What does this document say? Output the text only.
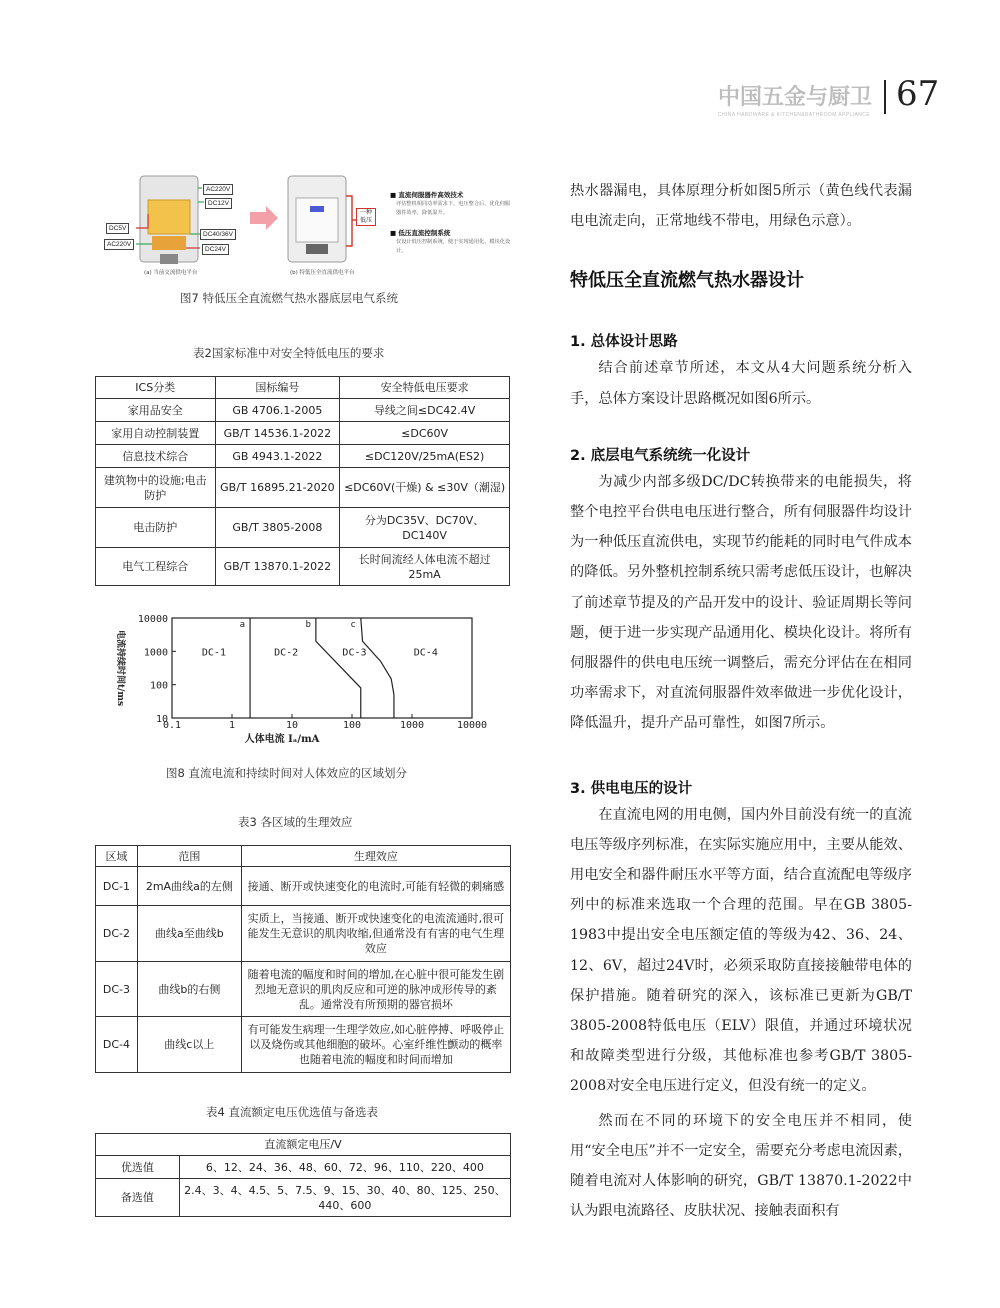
中国五金与厨卫
CHINA HARDWARE & KITCHEN&BATHROOM APPLIANCE
67
AC220V
DC12V
DC5V
AC220V
DC40/36V
DC24V
一种低压
(a) 当前交流供电平台	(b) 特低压全直流供电平台
■ 直流伺服器件高效技术
评估整机相同功率需求下，电压整合后，优化伺服器件效率，降低温升。
■ 低压直流控制系统
仅设计低压控制系统，便于实现通用化、模块化设计。
图7 特低压全直流燃气热水器底层电气系统
表2国家标准中对安全特低电压的要求
ICS分类	国标编号	安全特低电压要求
家用品安全	GB 4706.1-2005	导线之间≤DC42.4V
家用自动控制装置	GB/T 14536.1-2022	≤DC60V
信息技术综合	GB 4943.1-2022	≤DC120V/25mA(ES2)
建筑物中的设施;电击防护	GB/T 16895.21-2020	≤DC60V(干燥) & ≤30V（潮湿)
电击防护	GB/T 3805-2008	分为DC35V、DC70V、DC140V
电气工程综合	GB/T 13870.1-2022	长时间流经人体电流不超过25mA
0.1	1	10	100	1000	10000
10
100
1000
10000	a	b	c
DC-1	DC-2	DC-3	DC-4
人体电流 Iₐ/mA
电流持续时间t/ms
图8 直流电流和持续时间对人体效应的区域划分
表3 各区域的生理效应
区域	范围	生理效应
DC-1	2mA曲线a的左侧	接通、断开或快速变化的电流时,可能有轻微的刺痛感
DC-2	曲线a至曲线b	实质上，当接通、断开或快速变化的电流流通时,很可能发生无意识的肌肉收缩,但通常没有有害的电气生理效应
DC-3	曲线b的右侧	随着电流的幅度和时间的增加,在心脏中很可能发生剧烈地无意识的肌肉反应和可逆的脉冲成形传导的紊乱。通常没有所预期的器官损坏
DC-4	曲线c以上	有可能发生病理一生理学效应,如心脏停搏、呼吸停止以及烧伤或其他细胞的破坏。心室纤维性颤动的概率也随着电流的幅度和时间而增加
表4 直流额定电压优选值与备选表
直流额定电压/V	
优选值	6、12、24、36、48、60、72、96、110、220、400
备选值	2.4、3、4、4.5、5、7.5、9、15、30、40、80、125、250、440、600

热水器漏电，具体原理分析如图5所示（黄色线代表漏电电流走向，正常地线不带电，用绿色示意）。

特低压全直流燃气热水器设计
1. 总体设计思路

结合前述章节所述，本文从4大问题系统分析入手，总体方案设计思路概况如图6所示。

2. 底层电气系统统一化设计

为减少内部多级DC/DC转换带来的电能损失，将整个电控平台供电电压进行整合，所有伺服器件均设计为一种低压直流供电，实现节约能耗的同时电气件成本的降低。另外整机控制系统只需考虑低压设计，也解决了前述章节提及的产品开发中的设计、验证周期长等问题，便于进一步实现产品通用化、模块化设计。将所有伺服器件的供电电压统一调整后，需充分评估在在相同功率需求下，对直流伺服器件效率做进一步优化设计，降低温升，提升产品可靠性，如图7所示。

3. 供电电压的设计

在直流电网的用电侧，国内外目前没有统一的直流电压等级序列标准，在实际实施应用中，主要从能效、用电安全和器件耐压水平等方面，结合直流配电等级序列中的标准来选取一个合理的范围。早在GB 3805-1983中提出安全电压额定值的等级为42、36、24、12、6V，超过24V时，必须采取防直接接触带电体的保护措施。随着研究的深入，该标准已更新为GB/T 3805-2008特低电压（ELV）限值，并通过环境状况和故障类型进行分级，其他标准也参考GB/T 3805-2008对安全电压进行定义，但没有统一的定义。

然而在不同的环境下的安全电压并不相同，使用“安全电压”并不一定安全，需要充分考虑电流因素，随着电流对人体影响的研究，GB/T 13870.1-2022中认为跟电流路径、皮肤状况、接触表面积有
